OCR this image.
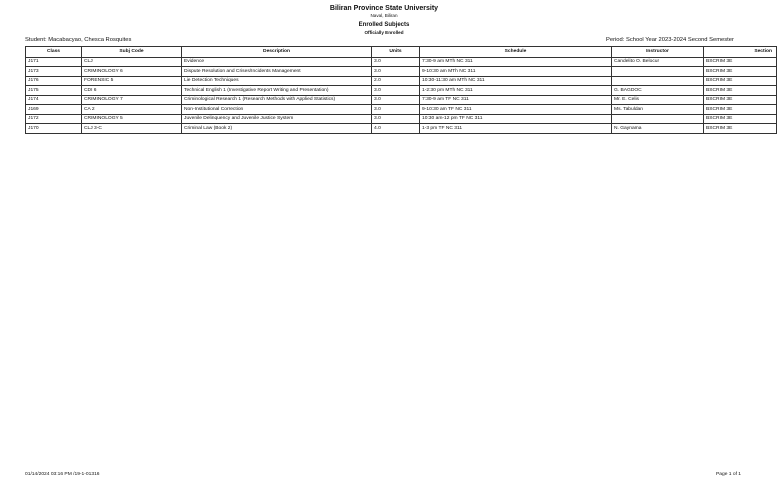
Biliran Province State University
Naval, Biliran
Enrolled Subjects
Officially Enrolled
Student: Macabacyao, Chesca Rosquites	Period: School Year 2023-2024 Second Semester
Class	Subj Code	Description	Units	Schedule	Instructor	Section
J171	CLJ	Evidence	3.0	7:30-9 am MTh NC 311	Candelito O. Belocur	BSCRIM 3E
J173	CRIMINOLOGY 6	Dispute Resolution and Crises/Incidents Management	3.0	9-10:30 am MTh NC 311		BSCRIM 3E
J176	FORENSIC 5	Lie Detection Techniques	2.0	10:30-11:30 am MTh NC 311		BSCRIM 3E
J175	CDI 6	Technical English 1 (Investigative Report Writing and Presentation)	3.0	1-2:30 pm MTh NC 311	G. BAGDOC	BSCRIM 3E
J174	CRIMINOLOGY 7	Criminological Research 1 (Research Methods with Applied Statistics)	3.0	7:30-9 am TF NC 311	Mr. E. Celis	BSCRIM 3E
J169	CA 2	Non-Institutional Correction	3.0	9-10:30 am TF NC 311	Ms. Tabuldan	BSCRIM 3E
J172	CRIMINOLOGY 5	Juvenile Delinquency and Juvenile Justice System	3.0	10:30 am-12 pm TF NC 311		BSCRIM 3E
J170	CLJ 3-C	Criminal Law (Book 2)	4.0	1-3 pm TF NC 311	N. Gaynama	BSCRIM 3E
01/14/2024 03:16 PM /19-1-01316	Page 1 of 1
